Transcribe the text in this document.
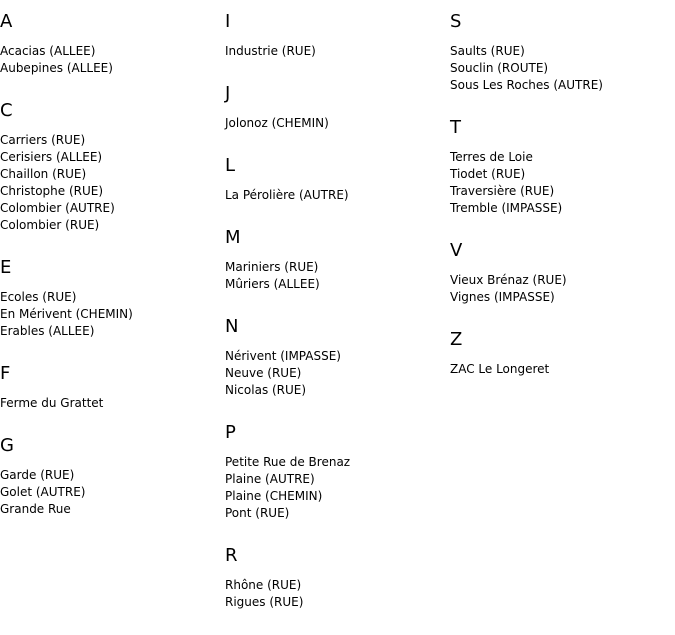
A
Acacias (ALLEE)
Aubepines (ALLEE)
C
Carriers (RUE)
Cerisiers (ALLEE)
Chaillon (RUE)
Christophe (RUE)
Colombier (AUTRE)
Colombier (RUE)
E
Ecoles (RUE)
En Mérivent (CHEMIN)
Erables (ALLEE)
F
Ferme du Grattet
G
Garde (RUE)
Golet (AUTRE)
Grande Rue
I
Industrie (RUE)
J
Jolonoz (CHEMIN)
L
La Pérolière (AUTRE)
M
Mariniers (RUE)
Mûriers (ALLEE)
N
Nérivent (IMPASSE)
Neuve (RUE)
Nicolas (RUE)
P
Petite Rue de Brenaz
Plaine (AUTRE)
Plaine (CHEMIN)
Pont (RUE)
R
Rhône (RUE)
Rigues (RUE)
S
Saults (RUE)
Souclin (ROUTE)
Sous Les Roches (AUTRE)
T
Terres de Loie
Tiodet (RUE)
Traversière (RUE)
Tremble (IMPASSE)
V
Vieux Brénaz (RUE)
Vignes (IMPASSE)
Z
ZAC Le Longeret
